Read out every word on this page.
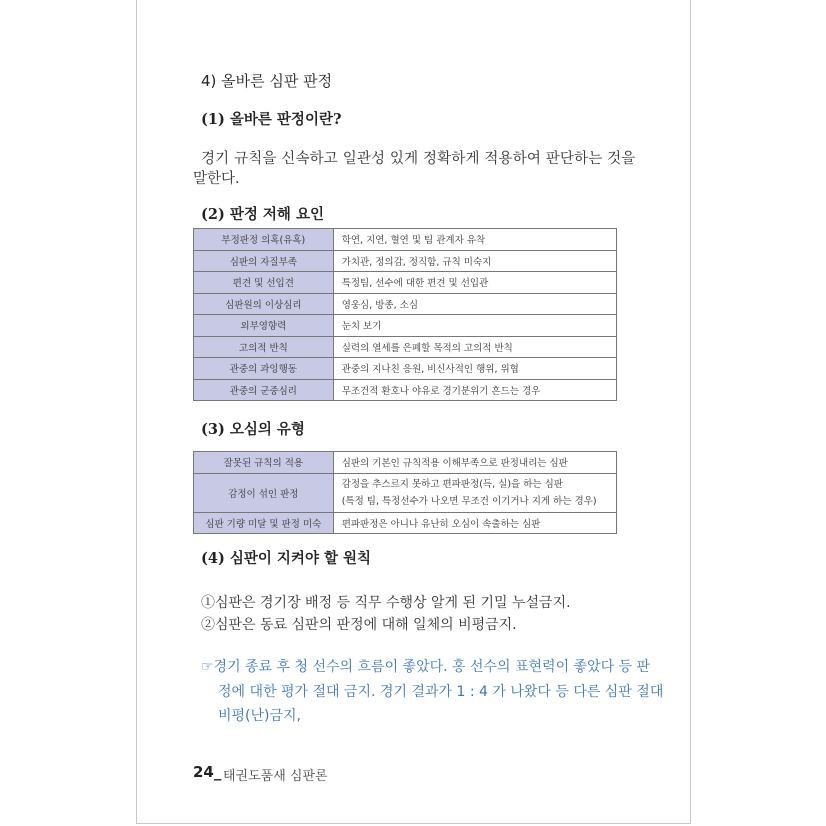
4) 올바른 심판 판정
(1) 올바른 판정이란?
경기 규칙을 신속하고 일관성 있게 정확하게 적용하여 판단하는 것을
말한다.
(2) 판정 저해 요인
부정판정 의혹(유혹)	학연, 지연, 혈연 및 팀 관계자 유착
심판의 자질부족	가치관, 정의감, 정직함, 규칙 미숙지
편견 및 선입견	특정팀, 선수에 대한 편견 및 선입관
심판원의 이상심리	영웅심, 방종, 소심
외부영향력	눈치 보기
고의적 반칙	실력의 열세를 은폐할 목적의 고의적 반칙
관중의 과잉행동	관중의 지나친 응원, 비신사적인 행위, 위협
관중의 군중심리	무조건적 환호나 야유로 경기분위기 흔드는 경우
(3) 오심의 유형
잘못된 규칙의 적용	심판의 기본인 규칙적용 이해부족으로 판정내리는 심판

감정이 섞인 판정	감정을 추스르지 못하고 편파판정(득, 실)을 하는 심판
(특정 팀, 특정선수가 나오면 무조건 이기거나 지게 하는 경우)

심판 기량 미달 및 판정 미숙	편파판정은 아니나 유난히 오심이 속출하는 심판
(4) 심판이 지켜야 할 원칙
①심판은 경기장 배정 등 직무 수행상 알게 된 기밀 누설금지.
②심판은 동료 심판의 판정에 대해 일체의 비평금지.
☞경기 종료 후 청 선수의 흐름이 좋았다. 홍 선수의 표현력이 좋았다 등 판
정에 대한 평가 절대 금지. 경기 결과가 1 : 4 가 나왔다 등 다른 심판 절대
비평(난)금지,
24_ 태권도품새 심판론
